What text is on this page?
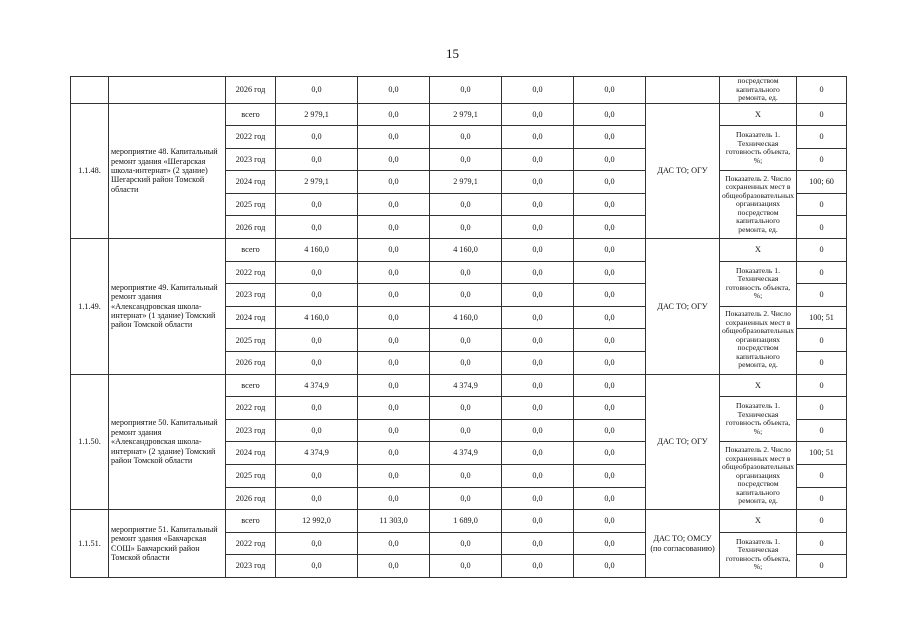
15
		2026 год	0,0	0,0	0,0	0,0	0,0		посредством капитального ремонта, ед.	0
1.1.48.	мероприятие 48. Капитальный ремонт здания «Шегарская школа-интернат» (2 здание) Шегарский район Томской области	всего	2 979,1	0,0	2 979,1	0,0	0,0	ДАС ТО; ОГУ	X	0
		2022 год	0,0	0,0	0,0	0,0	0,0		Показатель 1. Техническая готовность объекта, %;	0
		2023 год	0,0	0,0	0,0	0,0	0,0			0
		2024 год	2 979,1	0,0	2 979,1	0,0	0,0		Показатель 2. Число сохраненных мест в общеобразовательных организациях посредством капитального ремонта, ед.	100; 60
		2025 год	0,0	0,0	0,0	0,0	0,0			0
		2026 год	0,0	0,0	0,0	0,0	0,0			0
1.1.49.	мероприятие 49. Капитальный ремонт здания «Александровская школа-интернат» (1 здание) Томский район Томской области	всего	4 160,0	0,0	4 160,0	0,0	0,0	ДАС ТО; ОГУ	X	0
		2022 год	0,0	0,0	0,0	0,0	0,0		Показатель 1. Техническая готовность объекта, %;	0
		2023 год	0,0	0,0	0,0	0,0	0,0			0
		2024 год	4 160,0	0,0	4 160,0	0,0	0,0		Показатель 2. Число сохраненных мест в общеобразовательных организациях посредством капитального ремонта, ед.	100; 51
		2025 год	0,0	0,0	0,0	0,0	0,0			0
		2026 год	0,0	0,0	0,0	0,0	0,0			0
1.1.50.	мероприятие 50. Капитальный ремонт здания «Александровская школа-интернат» (2 здание) Томский район Томской области	всего	4 374,9	0,0	4 374,9	0,0	0,0	ДАС ТО; ОГУ	X	0
		2022 год	0,0	0,0	0,0	0,0	0,0		Показатель 1. Техническая готовность объекта, %;	0
		2023 год	0,0	0,0	0,0	0,0	0,0			0
		2024 год	4 374,9	0,0	4 374,9	0,0	0,0		Показатель 2. Число сохраненных мест в общеобразовательных организациях посредством капитального ремонта, ед.	100; 51
		2025 год	0,0	0,0	0,0	0,0	0,0			0
		2026 год	0,0	0,0	0,0	0,0	0,0			0
1.1.51.	мероприятие 51. Капитальный ремонт здания «Бакчарская СОШ» Бакчарский район Томской области	всего	12 992,0	11 303,0	1 689,0	0,0	0,0	ДАС ТО; ОМСУ (по согласованию)	X	0
		2022 год	0,0	0,0	0,0	0,0	0,0		Показатель 1. Техническая готовность объекта, %;	0
		2023 год	0,0	0,0	0,0	0,0	0,0			0
